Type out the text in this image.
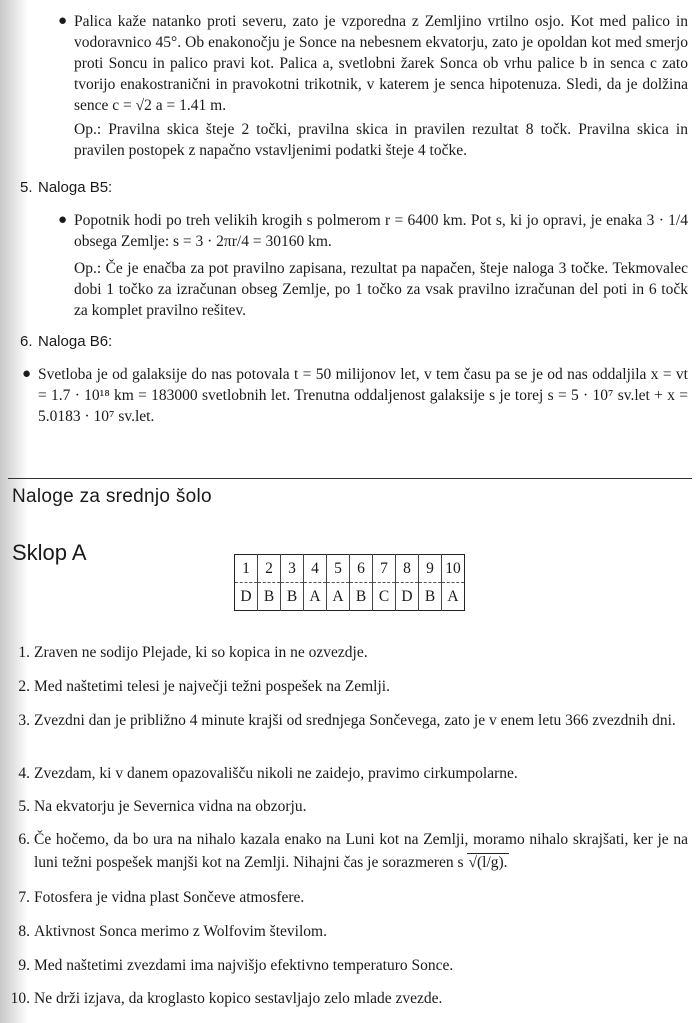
● Palica kaže natanko proti severu, zato je vzporedna z Zemljino vrtilno osjo. Kot med palico in vodoravnico 45°. Ob enakonočju je Sonce na nebesnem ekvatorju, zato je opoldan kot med smerjo proti Soncu in palico pravi kot. Palica a, svetlobni žarek Sonca ob vrhu palice b in senca c zato tvorijo enakostranični in pravokotni trikotnik, v katerem je senca hipotenuza. Sledi, da je dolžina sence c = √2 a = 1.41 m.

Op.: Pravilna skica šteje 2 točki, pravilna skica in pravilen rezultat 8 točk. Pravilna skica in pravilen postopek z napačno vstavljenimi podatki šteje 4 točke.

5. Naloga B5:
● Popotnik hodi po treh velikih krogih s polmerom r = 6400 km. Pot s, ki jo opravi, je enaka 3 · 1/4 obsega Zemlje: s = 3 · 2πr/4 = 30160 km.

Op.: Če je enačba za pot pravilno zapisana, rezultat pa napačen, šteje naloga 3 točke. Tekmovalec dobi 1 točko za izračunan obseg Zemlje, po 1 točko za vsak pravilno izračunan del poti in 6 točk za komplet pravilno rešitev.

6. Naloga B6:
● Svetloba je od galaksije do nas potovala t = 50 milijonov let, v tem času pa se je od nas oddaljila x = vt = 1.7 · 10¹⁸ km = 183000 svetlobnih let. Trenutna oddaljenost galaksije s je torej s = 5 · 10⁷ sv.let + x = 5.0183 · 10⁷ sv.let.

Naloge za srednjo šolo
Sklop A
1	2	3	4	5	6	7	8	9	10
D	B	B	A	A	B	C	D	B	A
1. Zraven ne sodijo Plejade, ki so kopica in ne ozvezdje.

2. Med naštetimi telesi je največji težni pospešek na Zemlji.

3. Zvezdni dan je približno 4 minute krajši od srednjega Sončevega, zato je v enem letu 366 zvezdnih dni.

4. Zvezdam, ki v danem opazovališču nikoli ne zaidejo, pravimo cirkumpolarne.

5. Na ekvatorju je Severnica vidna na obzorju.

6. Če hočemo, da bo ura na nihalo kazala enako na Luni kot na Zemlji, moramo nihalo skrajšati, ker je na luni težni pospešek manjši kot na Zemlji. Nihajni čas je sorazmeren s √(l/g).

7. Fotosfera je vidna plast Sončeve atmosfere.

8. Aktivnost Sonca merimo z Wolfovim številom.

9. Med naštetimi zvezdami ima najvišjo efektivno temperaturo Sonce.

10. Ne drži izjava, da kroglasto kopico sestavljajo zelo mlade zvezde.
